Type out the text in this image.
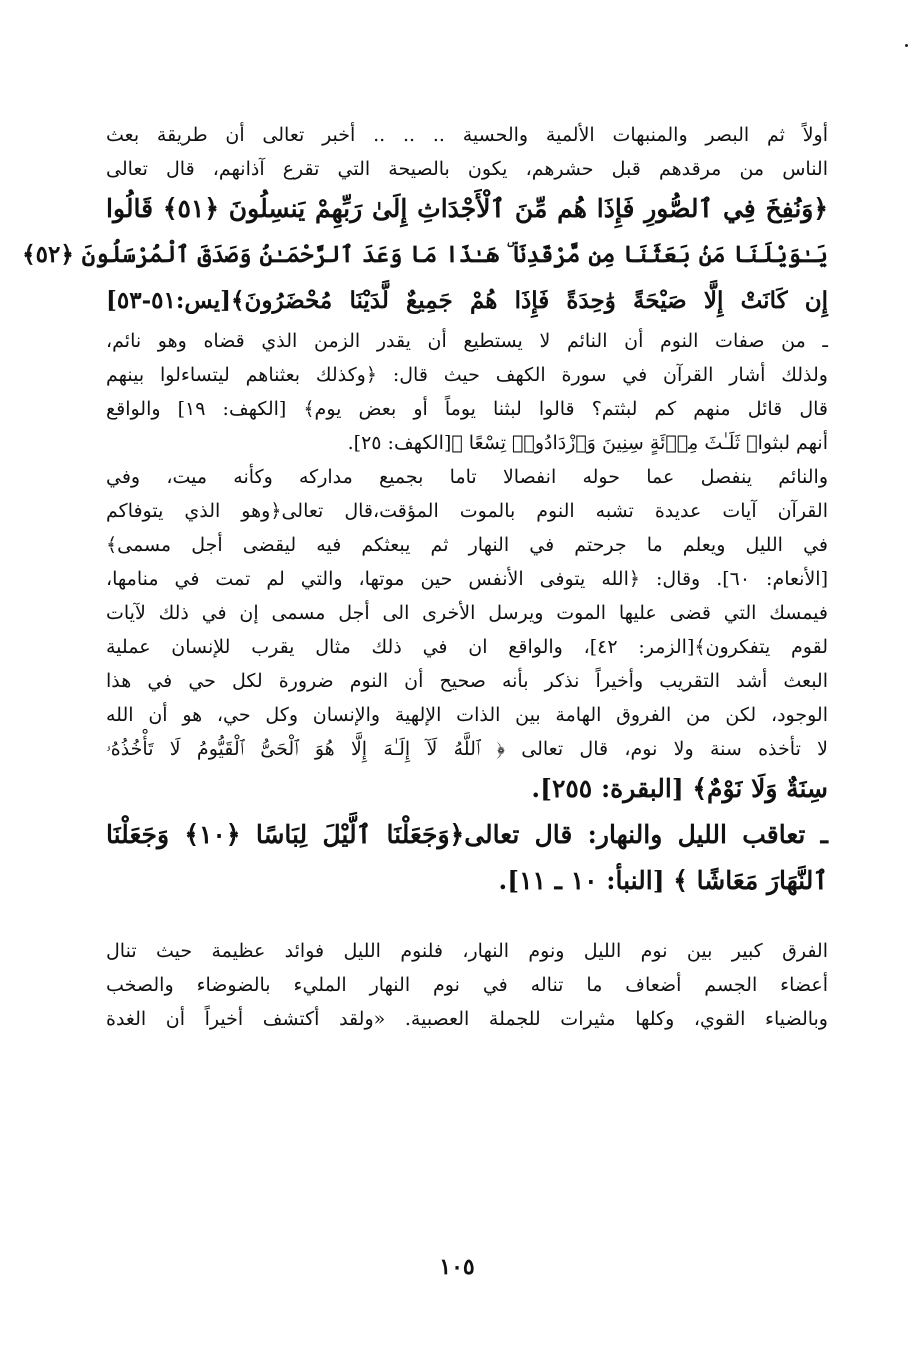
أولاً ثم البصر والمنبهات الألمية والحسية .. .. .. أخبر تعالى أن طريقة بعث
الناس من مرقدهم قبل حشرهم، يكون بالصيحة التي تقرع آذانهم، قال تعالى
﴿وَنُفِخَ فِي ٱلصُّورِ فَإِذَا هُم مِّنَ ٱلْأَجْدَاثِ إِلَىٰ رَبِّهِمْ يَنسِلُونَ ﴿٥١﴾ قَالُوا
يَـٰوَيْلَنَا مَنۢ بَعَثَنَا مِن مَّرْقَدِنَا ۜ هَـٰذَا مَا وَعَدَ ٱلرَّحْمَـٰنُ وَصَدَقَ ٱلْمُرْسَلُونَ ﴿٥٢﴾
إِن كَانَتْ إِلَّا صَيْحَةً وَٰحِدَةً فَإِذَا هُمْ جَمِيعٌ لَّدَيْنَا مُحْضَرُونَ﴾[يس:٥١-٥٣]
ـ من صفات النوم أن النائم لا يستطيع أن يقدر الزمن الذي قضاه وهو نائم،
ولذلك أشار القرآن في سورة الكهف حيث قال: ﴿وكذلك بعثناهم ليتساءلوا بينهم
قال قائل منهم كم لبثتم؟ قالوا لبثنا يوماً أو بعض يوم﴾ [الكهف: ١٩] والواقع
أنهم لبثوا﴿ ثَلَـٰثَ مِا۟ئَةٍ سِنِينَ وَٱزْدَادُوا۟ تِسْعًا ﴾[الكهف: ٢٥].
والنائم ينفصل عما حوله انفصالا تاما بجميع مداركه وكأنه ميت، وفي
القرآن آيات عديدة تشبه النوم بالموت المؤقت،قال تعالى﴿وهو الذي يتوفاكم
في الليل ويعلم ما جرحتم في النهار ثم يبعثكم فيه ليقضى أجل مسمى﴾
[الأنعام: ٦٠]. وقال: ﴿الله يتوفى الأنفس حين موتها، والتي لم تمت في منامها،
فيمسك التي قضى عليها الموت ويرسل الأخرى الى أجل مسمى إن في ذلك لآيات
لقوم يتفكرون﴾[الزمر: ٤٢]، والواقع ان في ذلك مثال يقرب للإنسان عملية
البعث أشد التقريب وأخيراً نذكر بأنه صحيح أن النوم ضرورة لكل حي في هذا
الوجود، لكن من الفروق الهامة بين الذات الإلهية والإنسان وكل حي، هو أن الله
لا تأخذه سنة ولا نوم، قال تعالى ﴿ ٱللَّهُ لَآ إِلَـٰهَ إِلَّا هُوَ ٱلْحَىُّ ٱلْقَيُّومُ لَا تَأْخُذُهُۥ
سِنَةٌ وَلَا نَوْمٌ﴾ [البقرة: ٢٥٥].
ـ تعاقب الليل والنهار: قال تعالى﴿وَجَعَلْنَا ٱلَّيْلَ لِبَاسًا ﴿١٠﴾ وَجَعَلْنَا
ٱلنَّهَارَ مَعَاشًا ﴾ [النبأ: ١٠ ـ ١١].
الفرق كبير بين نوم الليل ونوم النهار، فلنوم الليل فوائد عظيمة حيث تنال
أعضاء الجسم أضعاف ما تناله في نوم النهار المليء بالضوضاء والصخب
وبالضياء القوي، وكلها مثيرات للجملة العصبية. «ولقد أكتشف أخيراً أن الغدة
١٠٥
